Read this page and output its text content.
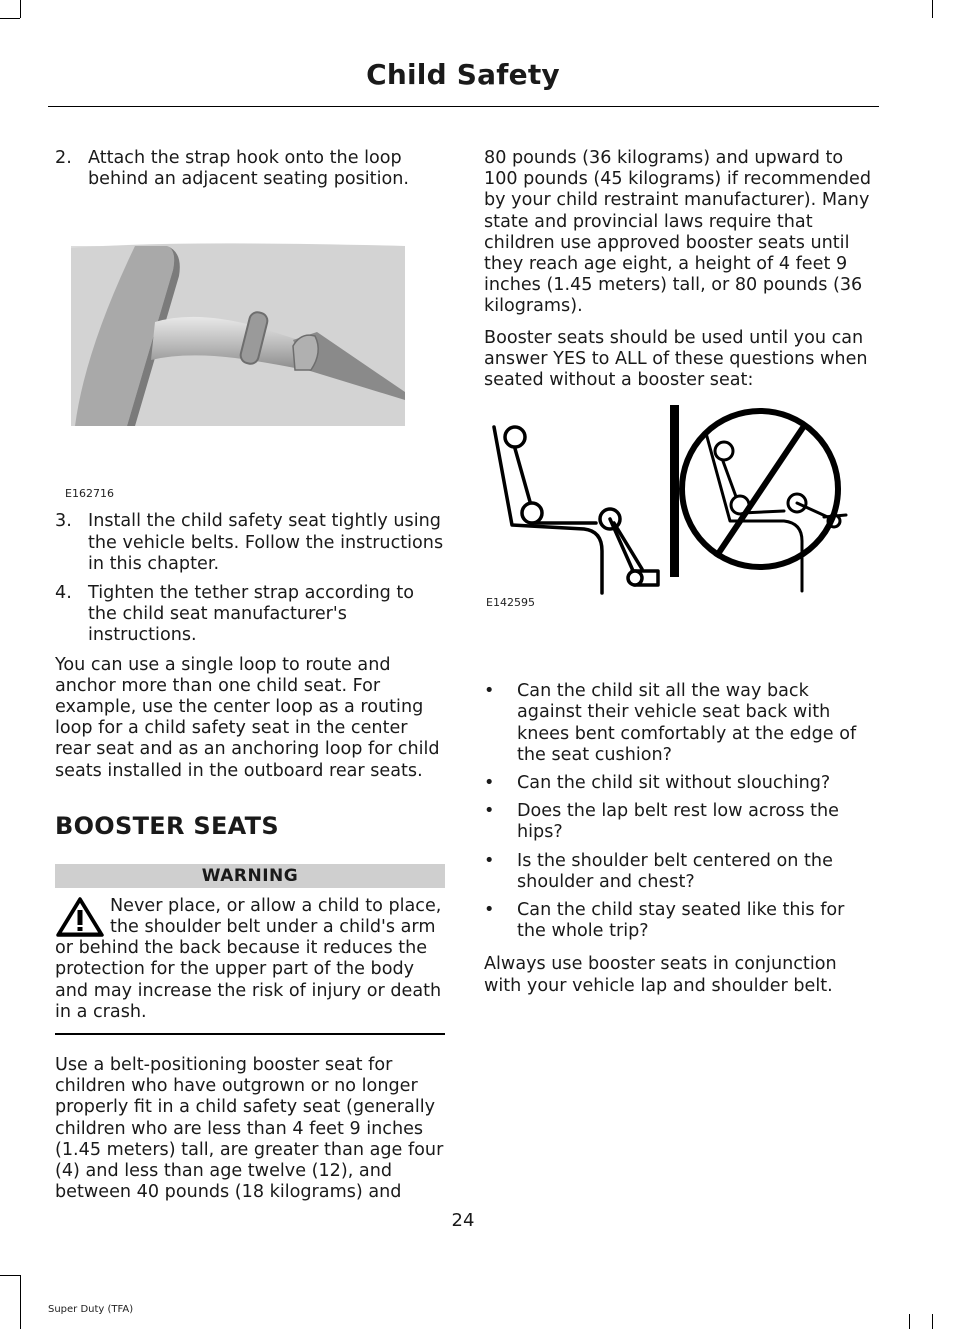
Child Safety
2. Attach the strap hook onto the loop behind an adjacent seating position.
E162716
3. Install the child safety seat tightly using the vehicle belts. Follow the instructions in this chapter.
4. Tighten the tether strap according to the child seat manufacturer's instructions.

You can use a single loop to route and anchor more than one child seat. For example, use the center loop as a routing loop for a child safety seat in the center rear seat and as an anchoring loop for child seats installed in the outboard rear seats.

BOOSTER SEATS
WARNING
Never place, or allow a child to place, the shoulder belt under a child's arm or behind the back because it reduces the protection for the upper part of the body and may increase the risk of injury or death in a crash.

Use a belt-positioning booster seat for children who have outgrown or no longer properly fit in a child safety seat (generally children who are less than 4 feet 9 inches (1.45 meters) tall, are greater than age four (4) and less than age twelve (12), and between 40 pounds (18 kilograms) and

80 pounds (36 kilograms) and upward to 100 pounds (45 kilograms) if recommended by your child restraint manufacturer). Many state and provincial laws require that children use approved booster seats until they reach age eight, a height of 4 feet 9 inches (1.45 meters) tall, or 80 pounds (36 kilograms).

Booster seats should be used until you can answer YES to ALL of these questions when seated without a booster seat:

E142595
•	Can the child sit all the way back against their vehicle seat back with knees bent comfortably at the edge of the seat cushion?
•	Can the child sit without slouching?
•	Does the lap belt rest low across the hips?
•	Is the shoulder belt centered on the shoulder and chest?
•	Can the child stay seated like this for the whole trip?

Always use booster seats in conjunction with your vehicle lap and shoulder belt.

24
Super Duty (TFA)
